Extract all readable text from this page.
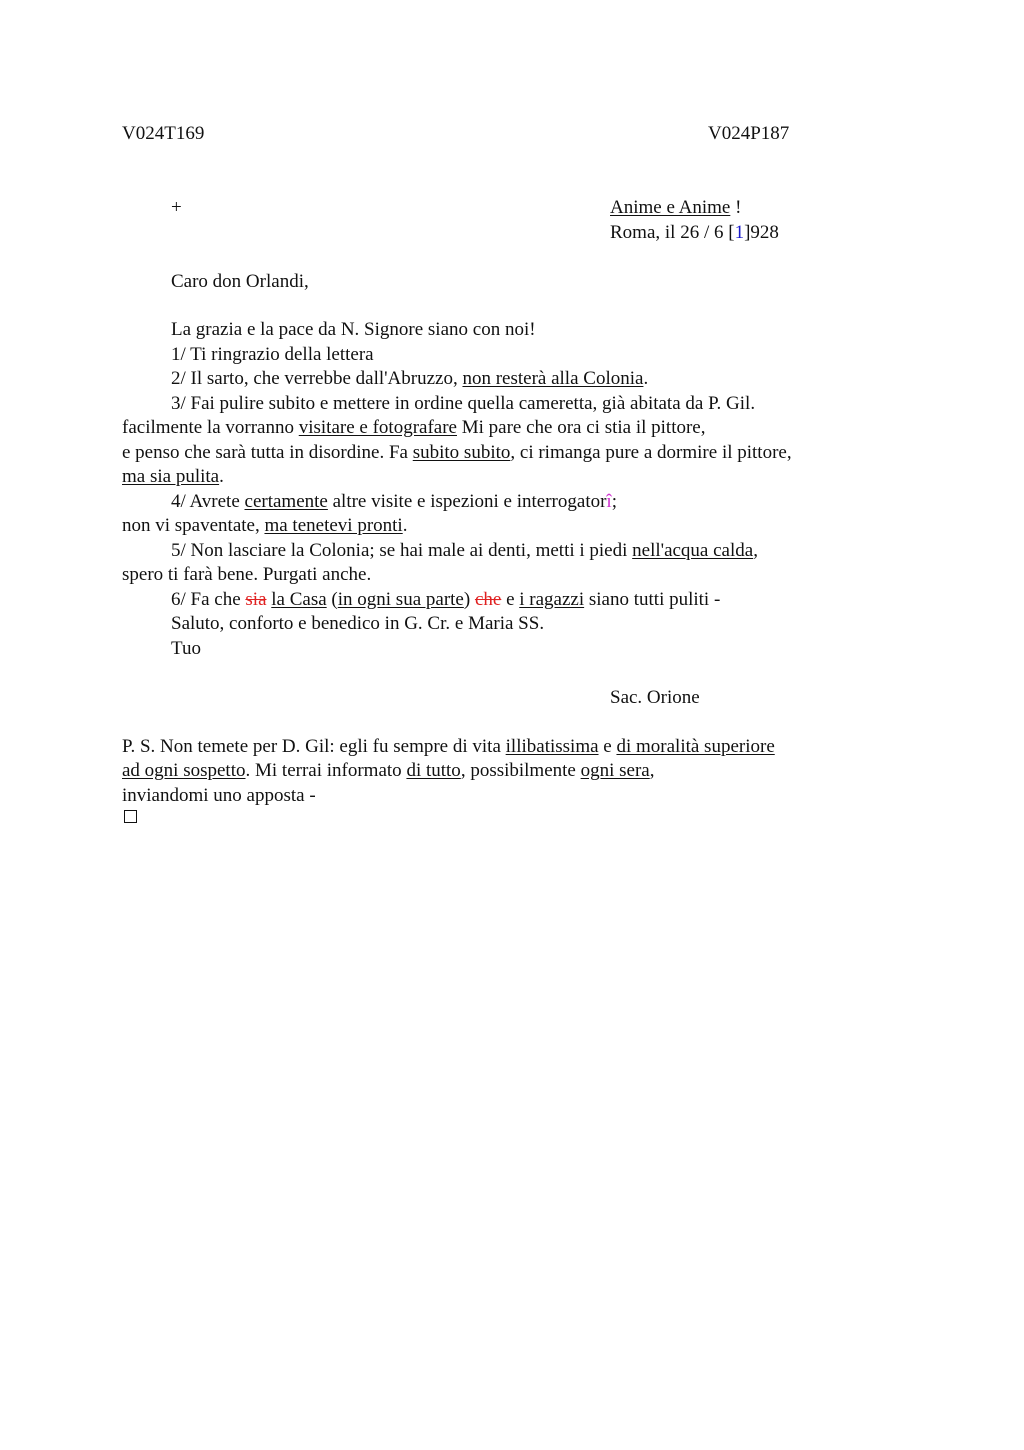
V024T169	V024P187
+	Anime e Anime !
Roma, il 26 / 6 [1]928
Caro don Orlandi,
La grazia e la pace da N. Signore siano con noi!
1/ Ti ringrazio della lettera
2/ Il sarto, che verrebbe dall'Abruzzo, non resterà alla Colonia.
3/ Fai pulire subito e mettere in ordine quella cameretta, già abitata da P. Gil.
facilmente la vorranno visitare e fotografare Mi pare che ora ci stia il pittore,
e penso che sarà tutta in disordine. Fa subito subito, ci rimanga pure a dormire il pittore,
ma sia pulita.
4/ Avrete certamente altre visite e ispezioni e interrogatorî;
non vi spaventate, ma tenetevi pronti.
5/ Non lasciare la Colonia; se hai male ai denti, metti i piedi nell'acqua calda,
spero ti farà bene. Purgati anche.
6/ Fa che sia la Casa (in ogni sua parte) che e i ragazzi siano tutti puliti -
Saluto, conforto e benedico in G. Cr. e Maria SS.
Tuo
Sac. Orione
P. S. Non temete per D. Gil: egli fu sempre di vita illibatissima e di moralità superiore
ad ogni sospetto. Mi terrai informato di tutto, possibilmente ogni sera,
inviandomi uno apposta -
